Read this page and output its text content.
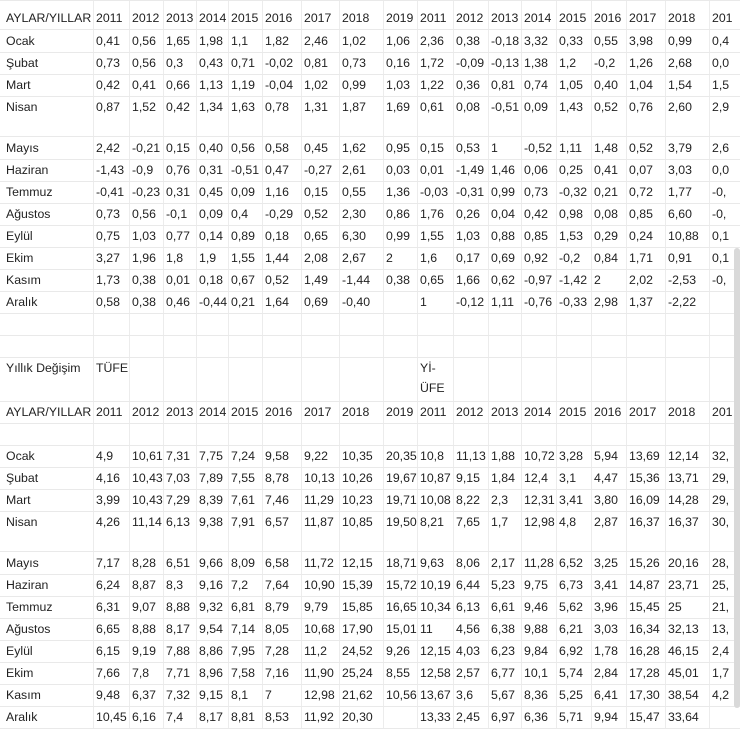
AYLAR/YILLAR 2011 2012 2013 2014 2015 2016 2017 2018 2019 2011 2012 2013 2014 2015 2016 2017 2018 201
Ocak	0,41 0,56 1,65 1,98 1,1 1,82 2,46 1,02 1,06 2,36 0,38 -0,18 3,32 0,33 0,55 3,98 0,99 0,4
Şubat	0,73 0,56 0,3 0,43 0,71 -0,02 0,81 0,73 0,16 1,72 -0,09 -0,13 1,38 1,2 -0,2 1,26 2,68 0,0
Mart	0,42 0,41 0,66 1,13 1,19 -0,04 1,02 0,99 1,03 1,22 0,36 0,81 0,74 1,05 0,40 1,04 1,54 1,5
Nisan	0,87 1,52 0,42 1,34 1,63 0,78 1,31 1,87 1,69 0,61 0,08 -0,51 0,09 1,43 0,52 0,76 2,60 2,9
Mayıs	2,42 -0,21 0,15 0,40 0,56 0,58 0,45 1,62 0,95 0,15 0,53 1 -0,52 1,11 1,48 0,52 3,79 2,6
Haziran	-1,43 -0,9 0,76 0,31 -0,51 0,47 -0,27 2,61 0,03 0,01 -1,49 1,46 0,06 0,25 0,41 0,07 3,03 0,0
Temmuz	-0,41 -0,23 0,31 0,45 0,09 1,16 0,15 0,55 1,36 -0,03 -0,31 0,99 0,73 -0,32 0,21 0,72 1,77 -0,
Ağustos	0,73 0,56 -0,1 0,09 0,4 -0,29 0,52 2,30 0,86 1,76 0,26 0,04 0,42 0,98 0,08 0,85 6,60 -0,
Eylül	0,75 1,03 0,77 0,14 0,89 0,18 0,65 6,30 0,99 1,55 1,03 0,88 0,85 1,53 0,29 0,24 10,88 0,1
Ekim	3,27 1,96 1,8 1,9 1,55 1,44 2,08 2,67 2 1,6 0,17 0,69 0,92 -0,2 0,84 1,71 0,91 0,1
Kasım	1,73 0,38 0,01 0,18 0,67 0,52 1,49 -1,44 0,38 0,65 1,66 0,62 -0,97 -1,42 2 2,02 -2,53 -0,
Aralık	0,58 0,38 0,46 -0,44 0,21 1,64 0,69 -0,40	1 -0,12 1,11 -0,76 -0,33 2,98 1,37 -2,22
Yıllık Değişim TÜFE	Yİ-
ÜFE
AYLAR/YILLAR 2011 2012 2013 2014 2015 2016 2017 2018 2019 2011 2012 2013 2014 2015 2016 2017 2018 201
Ocak	4,9 10,61 7,31 7,75 7,24 9,58 9,22 10,35 20,35 10,8 11,13 1,88 10,72 3,28 5,94 13,69 12,14 32,
Şubat	4,16 10,43 7,03 7,89 7,55 8,78 10,13 10,26 19,67 10,87 9,15 1,84 12,4 3,1 4,47 15,36 13,71 29,
Mart	3,99 10,43 7,29 8,39 7,61 7,46 11,29 10,23 19,71 10,08 8,22 2,3 12,31 3,41 3,80 16,09 14,28 29,
Nisan	4,26 11,14 6,13 9,38 7,91 6,57 11,87 10,85 19,50 8,21 7,65 1,7 12,98 4,8 2,87 16,37 16,37 30,
Mayıs	7,17 8,28 6,51 9,66 8,09 6,58 11,72 12,15 18,71 9,63 8,06 2,17 11,28 6,52 3,25 15,26 20,16 28,
Haziran	6,24 8,87 8,3 9,16 7,2 7,64 10,90 15,39 15,72 10,19 6,44 5,23 9,75 6,73 3,41 14,87 23,71 25,
Temmuz	6,31 9,07 8,88 9,32 6,81 8,79 9,79 15,85 16,65 10,34 6,13 6,61 9,46 5,62 3,96 15,45 25 21,
Ağustos	6,65 8,88 8,17 9,54 7,14 8,05 10,68 17,90 15,01 11 4,56 6,38 9,88 6,21 3,03 16,34 32,13 13,
Eylül	6,15 9,19 7,88 8,86 7,95 7,28 11,2 24,52 9,26 12,15 4,03 6,23 9,84 6,92 1,78 16,28 46,15 2,4
Ekim	7,66 7,8 7,71 8,96 7,58 7,16 11,90 25,24 8,55 12,58 2,57 6,77 10,1 5,74 2,84 17,28 45,01 1,7
Kasım	9,48 6,37 7,32 9,15 8,1 7	12,98 21,62 10,56 13,67 3,6 5,67 8,36 5,25 6,41 17,30 38,54 4,2
Aralık	10,45 6,16 7,4 8,17 8,81 8,53 11,92 20,30	13,33 2,45 6,97 6,36 5,71 9,94 15,47 33,64
